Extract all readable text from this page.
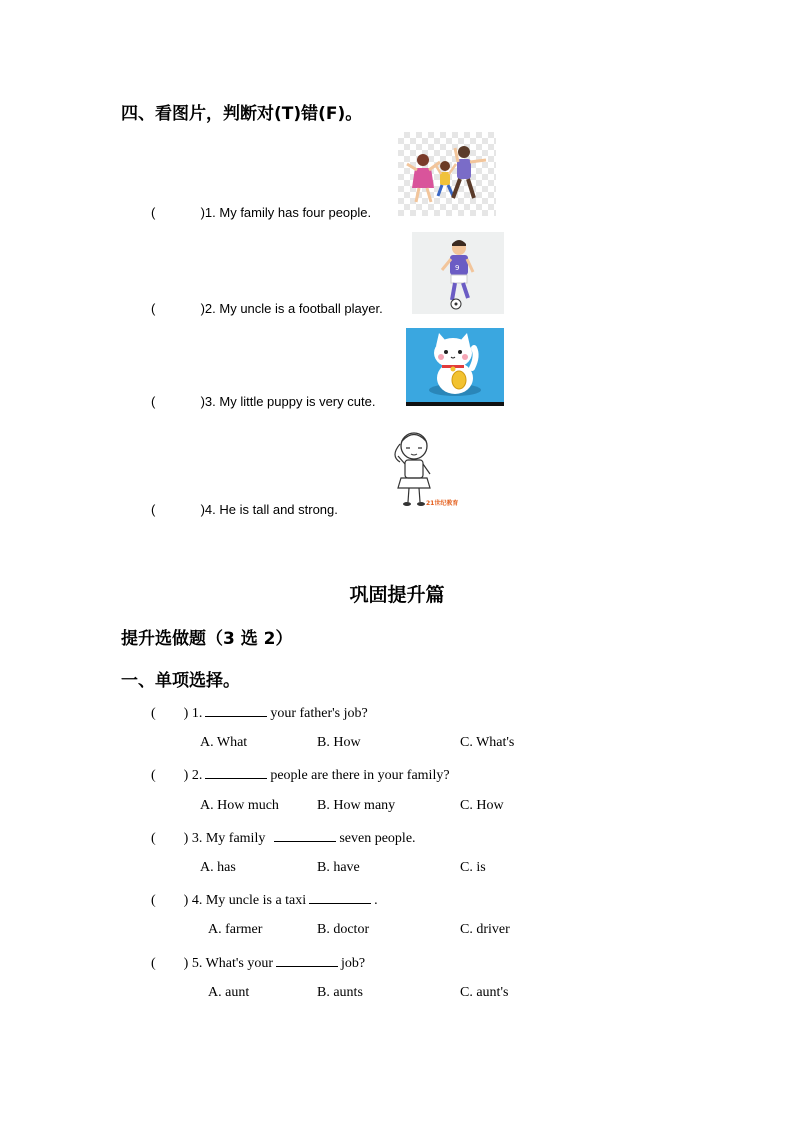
四、看图片，判断对(T)错(F)。
(	)1. My family has four people.
9
(	)2. My uncle is a football player.
(	)3. My little puppy is very cute.
21世纪教育
(	)4. He is tall and strong.
巩固提升篇
提升选做题（3 选 2）
一、单项选择。
( ) 1.	your father's job?
A. What	B. How	C. What's
( ) 2.	people are there in your family?
A. How much	B. How many	C. How
( ) 3. My family	seven people.
A. has	B. have	C. is
( ) 4. My uncle is a taxi	.
A. farmer	B. doctor	C. driver
( ) 5. What's your	job?
A. aunt	B. aunts	C. aunt's
